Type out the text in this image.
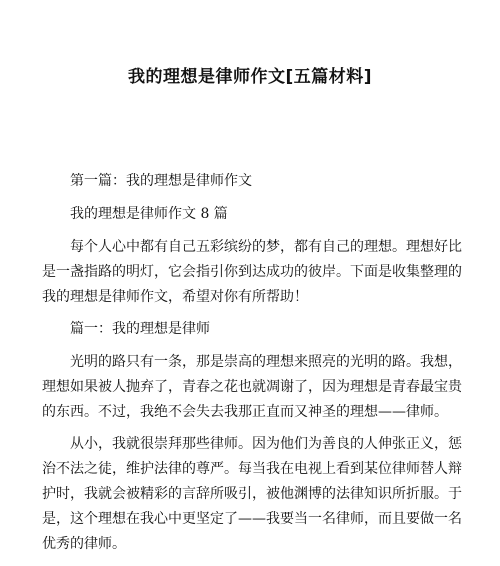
我的理想是律师作文[五篇材料]

第一篇：我的理想是律师作文

我的理想是律师作文 8 篇

每个人心中都有自己五彩缤纷的梦，都有自己的理想。理想好比是一盏指路的明灯，它会指引你到达成功的彼岸。下面是收集整理的我的理想是律师作文，希望对你有所帮助！

篇一：我的理想是律师

光明的路只有一条，那是崇高的理想来照亮的光明的路。我想，理想如果被人抛弃了，青春之花也就凋谢了，因为理想是青春最宝贵的东西。不过，我绝不会失去我那正直而又神圣的理想——律师。

从小，我就很崇拜那些律师。因为他们为善良的人伸张正义，惩治不法之徒，维护法律的尊严。每当我在电视上看到某位律师替人辩护时，我就会被精彩的言辞所吸引，被他渊博的法律知识所折服。于是，这个理想在我心中更坚定了——我要当一名律师，而且要做一名优秀的律师。
